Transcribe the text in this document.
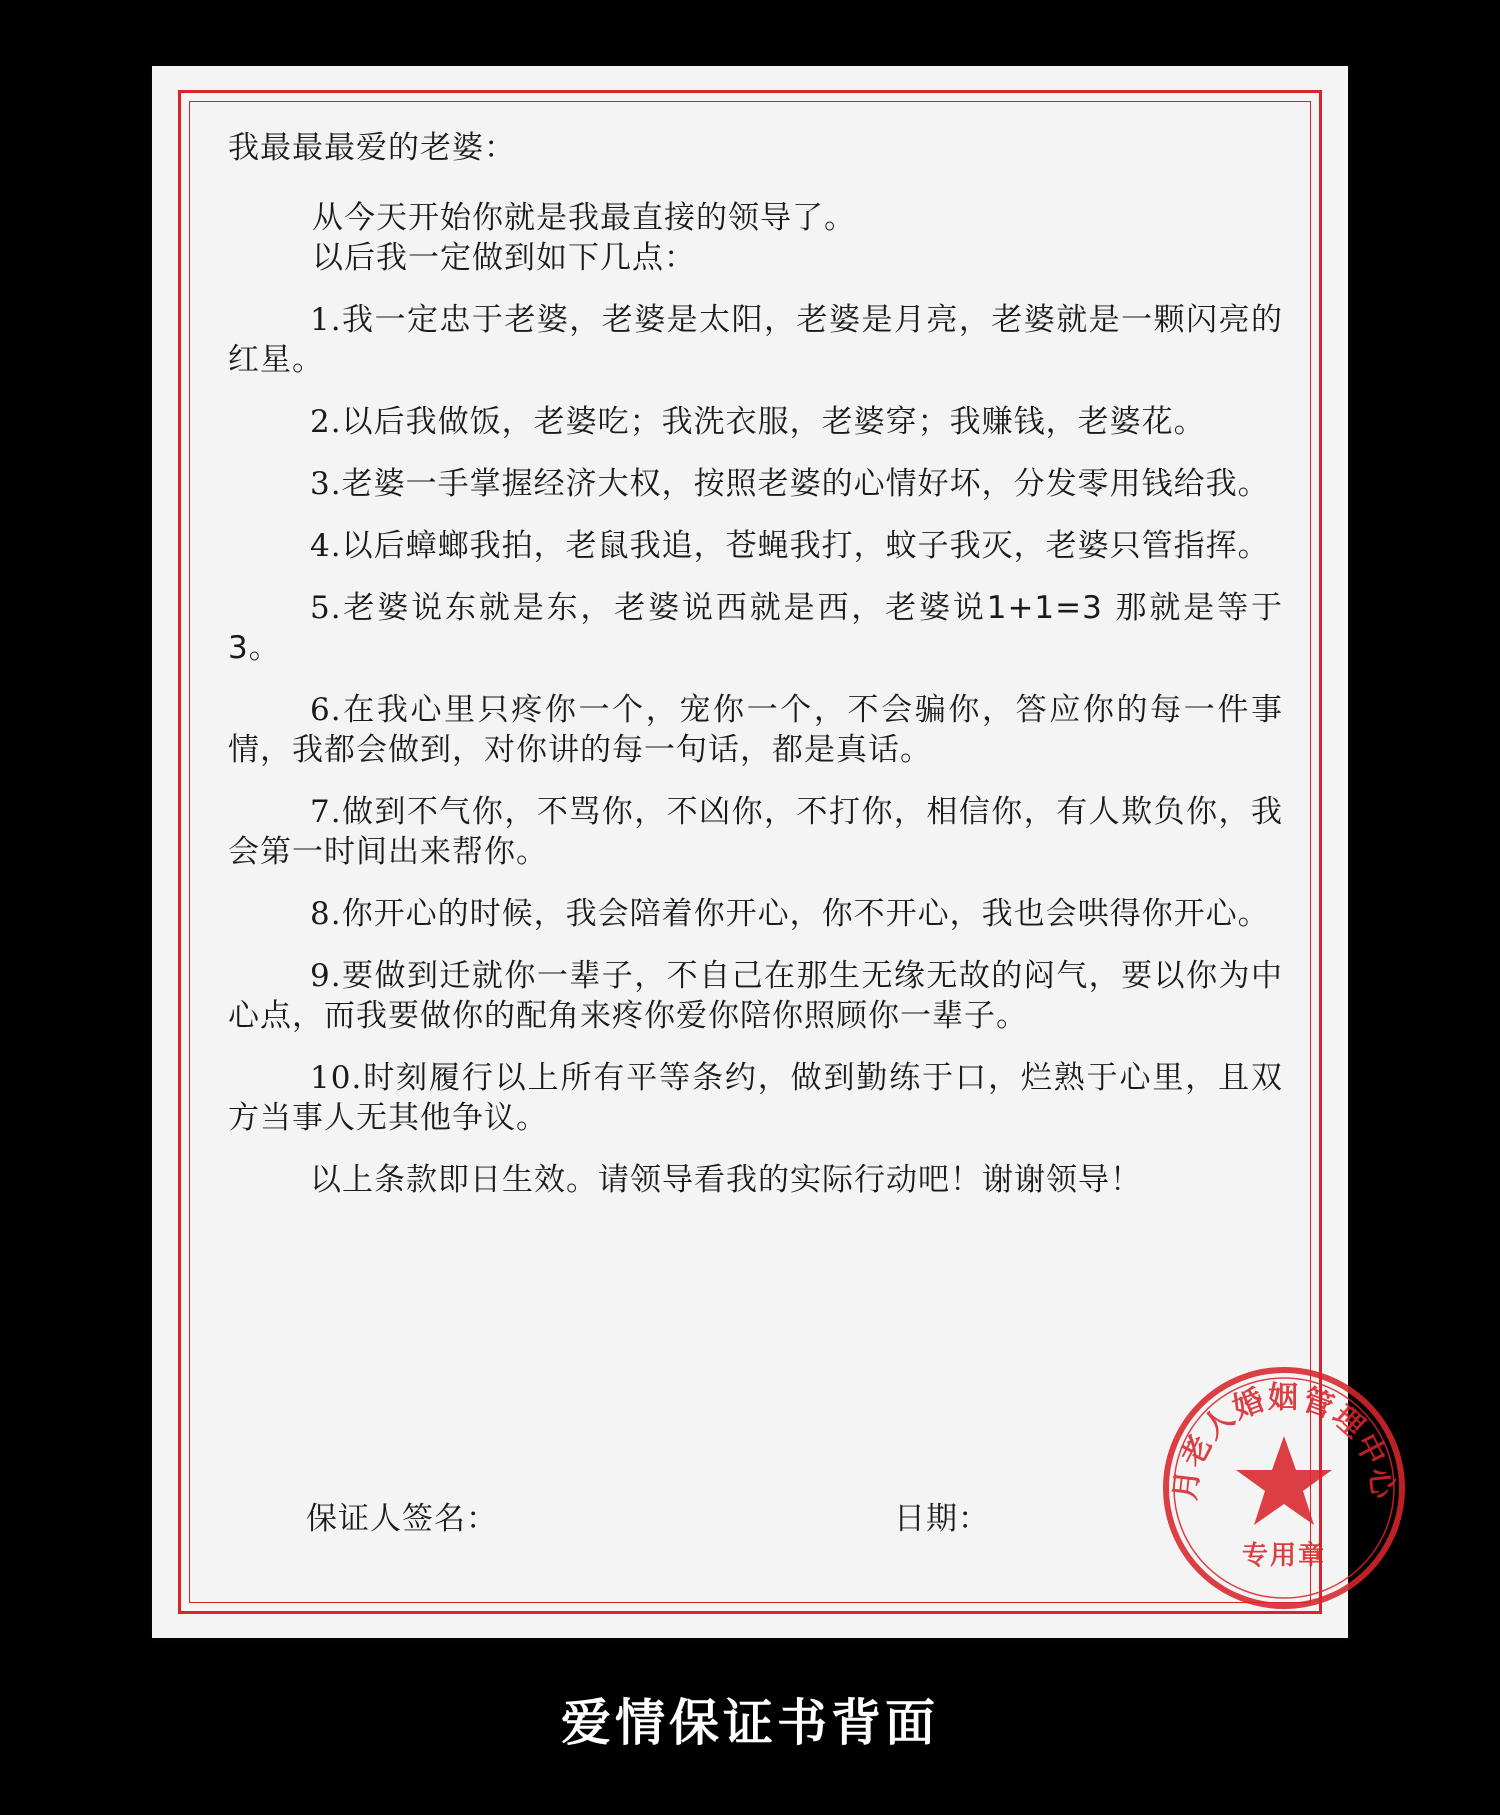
我最最最爱的老婆：

从今天开始你就是我最直接的领导了。
以后我一定做到如下几点：

1.我一定忠于老婆，老婆是太阳，老婆是月亮，老婆就是一颗闪亮的红星。

2.以后我做饭，老婆吃；我洗衣服，老婆穿；我赚钱，老婆花。

3.老婆一手掌握经济大权，按照老婆的心情好坏，分发零用钱给我。

4.以后蟑螂我拍，老鼠我追，苍蝇我打，蚊子我灭，老婆只管指挥。

5.老婆说东就是东，老婆说西就是西，老婆说1+1=3 那就是等于3。

6.在我心里只疼你一个，宠你一个，不会骗你，答应你的每一件事情，我都会做到，对你讲的每一句话，都是真话。

7.做到不气你，不骂你，不凶你，不打你，相信你，有人欺负你，我会第一时间出来帮你。

8.你开心的时候，我会陪着你开心，你不开心，我也会哄得你开心。

9.要做到迁就你一辈子，不自己在那生无缘无故的闷气，要以你为中心点，而我要做你的配角来疼你爱你陪你照顾你一辈子。

10.时刻履行以上所有平等条约，做到勤练于口，烂熟于心里，且双方当事人无其他争议。

以上条款即日生效。请领导看我的实际行动吧！谢谢领导！

月老人婚姻管理中心
专用章
保证人签名：	日期：
爱情保证书背面
